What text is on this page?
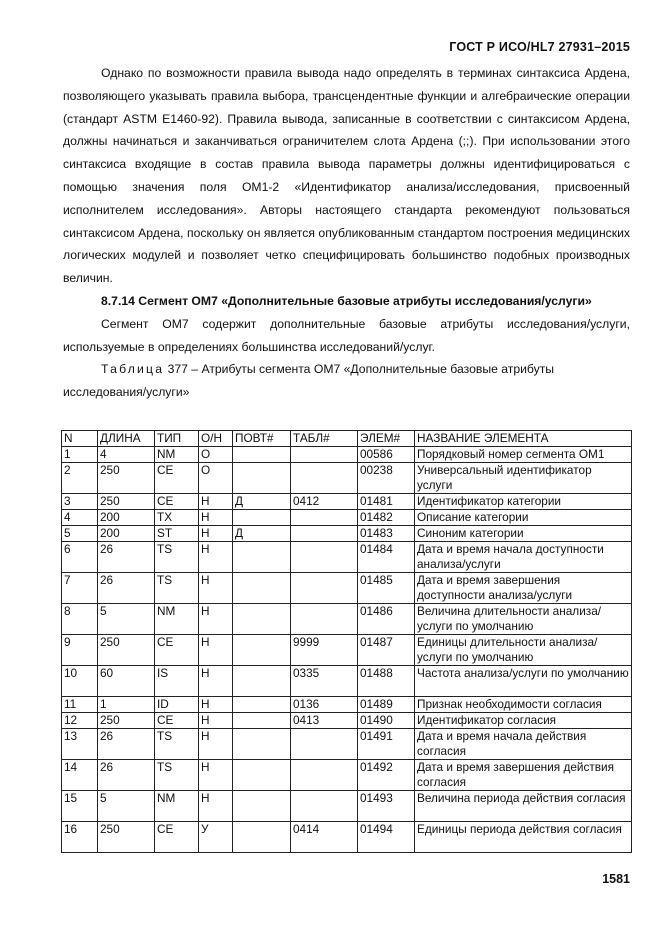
ГОСТ Р ИСО/HL7 27931–2015

Однако по возможности правила вывода надо определять в терминах синтаксиса Ардена, позволяющего указывать правила выбора, трансцендентные функции и алгебраические операции (стандарт ASTM E1460-92). Правила вывода, записанные в соответствии с синтаксисом Ардена, должны начинаться и заканчиваться ограничителем слота Ардена (;;). При использовании этого синтаксиса входящие в состав правила вывода параметры должны идентифицироваться с помощью значения поля OM1-2 «Идентификатор анализа/исследования, присвоенный исполнителем исследования». Авторы настоящего стандарта рекомендуют пользоваться синтаксисом Ардена, поскольку он является опубликованным стандартом построения медицинских логических модулей и позволяет четко специфицировать большинство подобных производных величин.

8.7.14 Сегмент OM7 «Дополнительные базовые атрибуты исследования/услуги»

Сегмент OM7 содержит дополнительные базовые атрибуты исследования/услуги, используемые в определениях большинства исследований/услуг.

Таблица 377 – Атрибуты сегмента OM7 «Дополнительные базовые атрибуты исследования/услуги»

N	ДЛИНА	ТИП	О/Н	ПОВТ#	ТАБЛ#	ЭЛЕМ#	НАЗВАНИЕ ЭЛЕМЕНТА
1	4	NM	О			00586	Порядковый номер сегмента OM1
2	250	CE	О			00238	Универсальный идентификатор услуги
3	250	CE	Н	Д	0412	01481	Идентификатор категории
4	200	TX	Н			01482	Описание категории
5	200	ST	Н	Д		01483	Синоним категории
6	26	TS	Н			01484	Дата и время начала доступности анализа/услуги
7	26	TS	Н			01485	Дата и время завершения доступности анализа/услуги
8	5	NM	Н			01486	Величина длительности анализа/услуги по умолчанию
9	250	CE	Н		9999	01487	Единицы длительности анализа/услуги по умолчанию
10	60	IS	Н		0335	01488	Частота анализа/услуги по умолчанию
11	1	ID	Н		0136	01489	Признак необходимости согласия
12	250	CE	Н		0413	01490	Идентификатор согласия
13	26	TS	Н			01491	Дата и время начала действия согласия
14	26	TS	Н			01492	Дата и время завершения действия согласия
15	5	NM	Н			01493	Величина периода действия согласия
16	250	CE	У		0414	01494	Единицы периода действия согласия
1581
